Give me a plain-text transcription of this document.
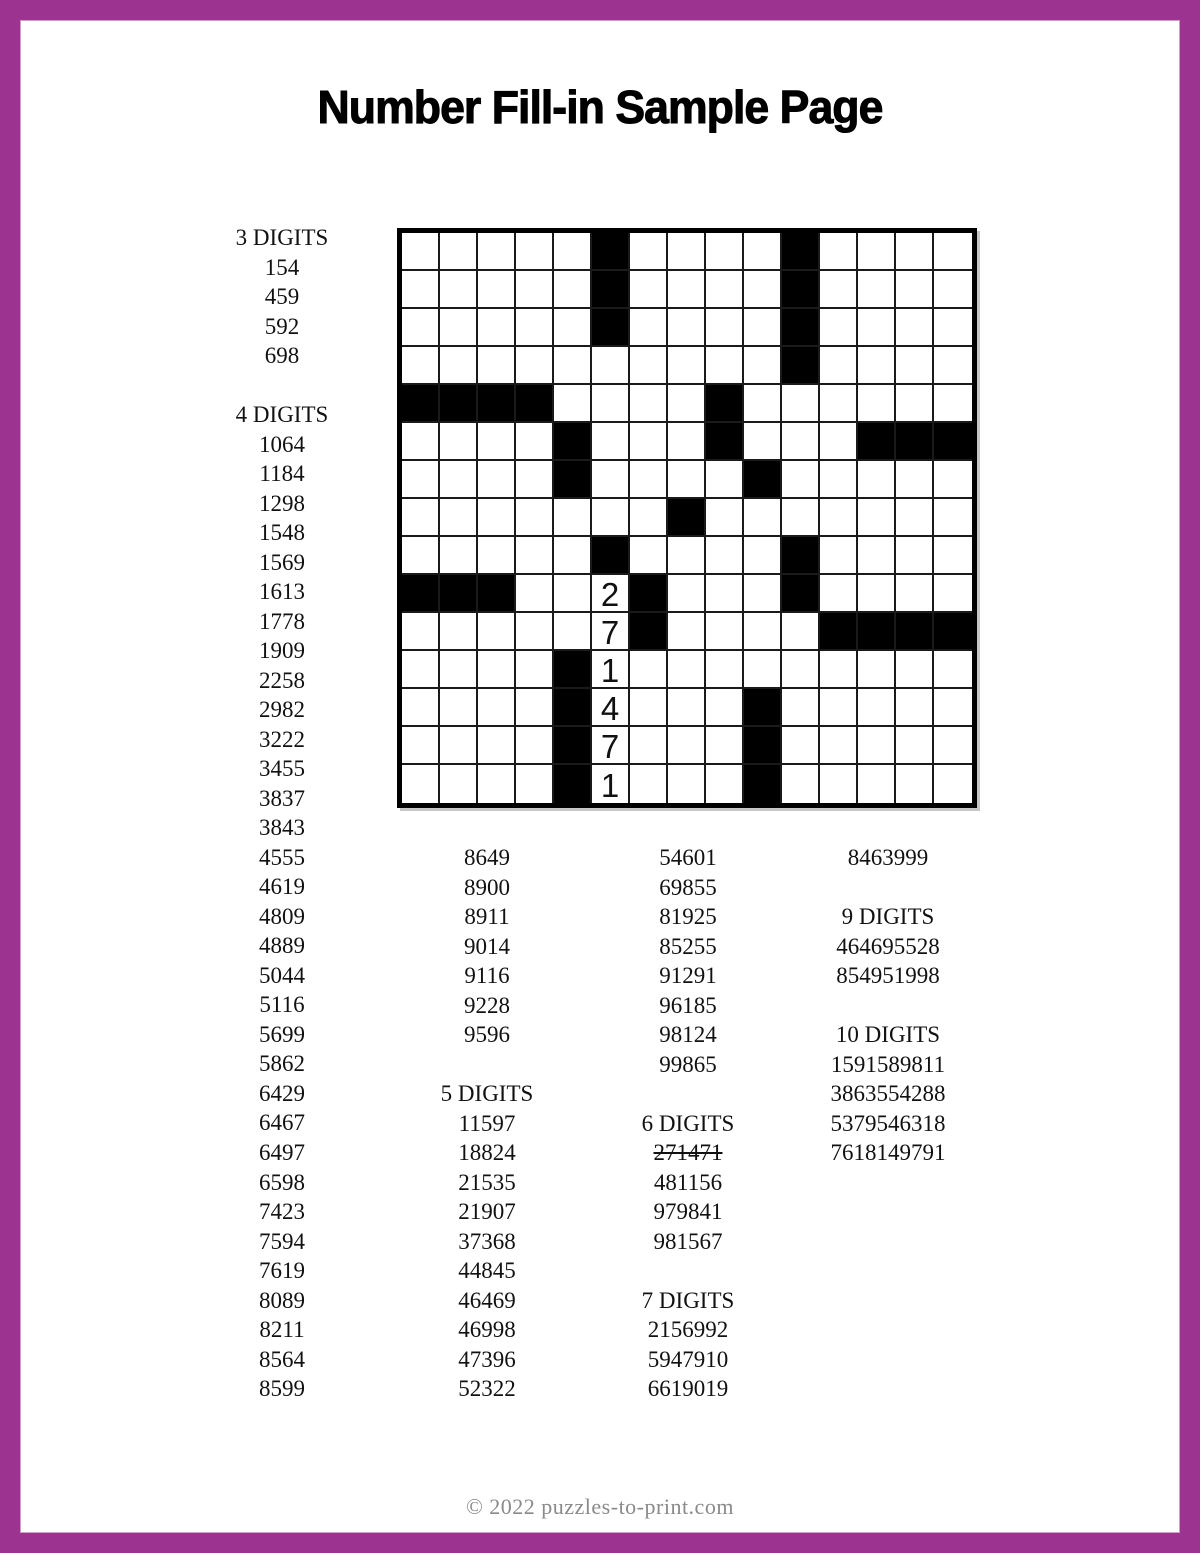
Number Fill-in Sample Page
2
7
1
4
7
1
3 DIGITS
154
459
592
698
4 DIGITS
1064
1184
1298
1548
1569
1613
1778
1909
2258
2982
3222
3455
3837
3843
4555
4619
4809
4889
5044
5116
5699
5862
6429
6467
6497
6598
7423
7594
7619
8089
8211
8564
8599
8649
8900
8911
9014
9116
9228
9596
5 DIGITS
11597
18824
21535
21907
37368
44845
46469
46998
47396
52322
54601
69855
81925
85255
91291
96185
98124
99865
6 DIGITS
271471
481156
979841
981567
7 DIGITS
2156992
5947910
6619019
8463999
9 DIGITS
464695528
854951998
10 DIGITS
1591589811
3863554288
5379546318
7618149791
© 2022 puzzles-to-print.com
